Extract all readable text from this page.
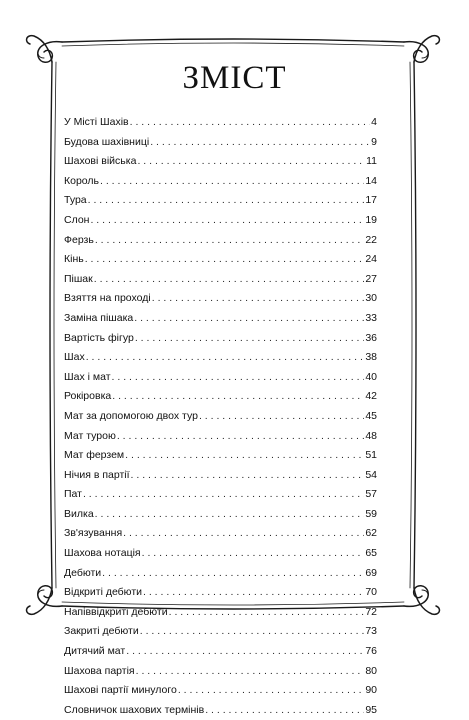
ЗМІСТ
У Місті Шахів . . .	4
Будова шахівниці . . .	9
Шахові війська . . .	11
Король . . .	14
Тура . . .	17
Слон . . .	19
Ферзь . . .	22
Кінь . . .	24
Пішак . . .	27
Взяття на проході . . .	30
Заміна пішака . . .	33
Вартість фігур . . .	36
Шах . . .	38
Шах і мат . . .	40
Рокіровка . . .	42
Мат за допомогою двох тур . . .	45
Мат турою . . .	48
Мат ферзем . . .	51
Нічия в партії . . .	54
Пат . . .	57
Вилка . . .	59
Зв'язування . . .	62
Шахова нотація . . .	65
Дебюти . . .	69
Відкриті дебюти . . .	70
Напіввідкриті дебюти . . .	72
Закриті дебюти . . .	73
Дитячий мат . . .	76
Шахова партія . . .	80
Шахові партії минулого . . .	90
Словничок шахових термінів . . .	95
